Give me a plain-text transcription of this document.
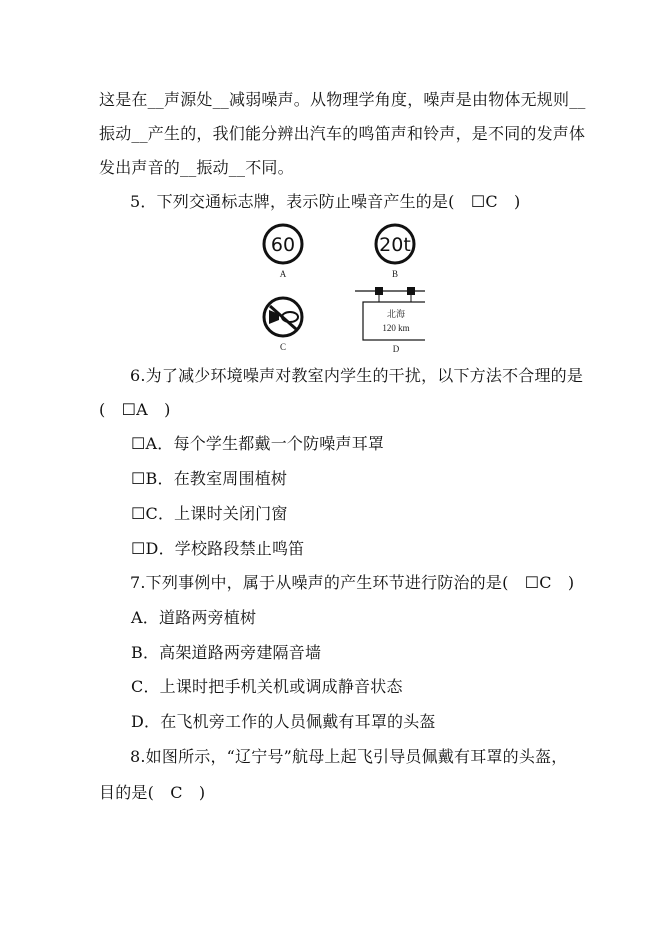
这是在__声源处__减弱噪声。从物理学角度，噪声是由物体无规则__
振动__产生的，我们能分辨出汽车的鸣笛声和铃声，是不同的发声体
发出声音的__振动__不同。
5．下列交通标志牌，表示防止噪音产生的是(　☐C　)
60
A
20t
B
C
北海
120 km
D
6.为了减少环境噪声对教室内学生的干扰，以下方法不合理的是
(　☐A　)
☐A．每个学生都戴一个防噪声耳罩
☐B．在教室周围植树
☐C．上课时关闭门窗
☐D．学校路段禁止鸣笛
7.下列事例中，属于从噪声的产生环节进行防治的是(　☐C　)
A．道路两旁植树
B．高架道路两旁建隔音墙
C．上课时把手机关机或调成静音状态
D．在飞机旁工作的人员佩戴有耳罩的头盔
8.如图所示，“辽宁号”航母上起飞引导员佩戴有耳罩的头盔，
目的是(　C　)
